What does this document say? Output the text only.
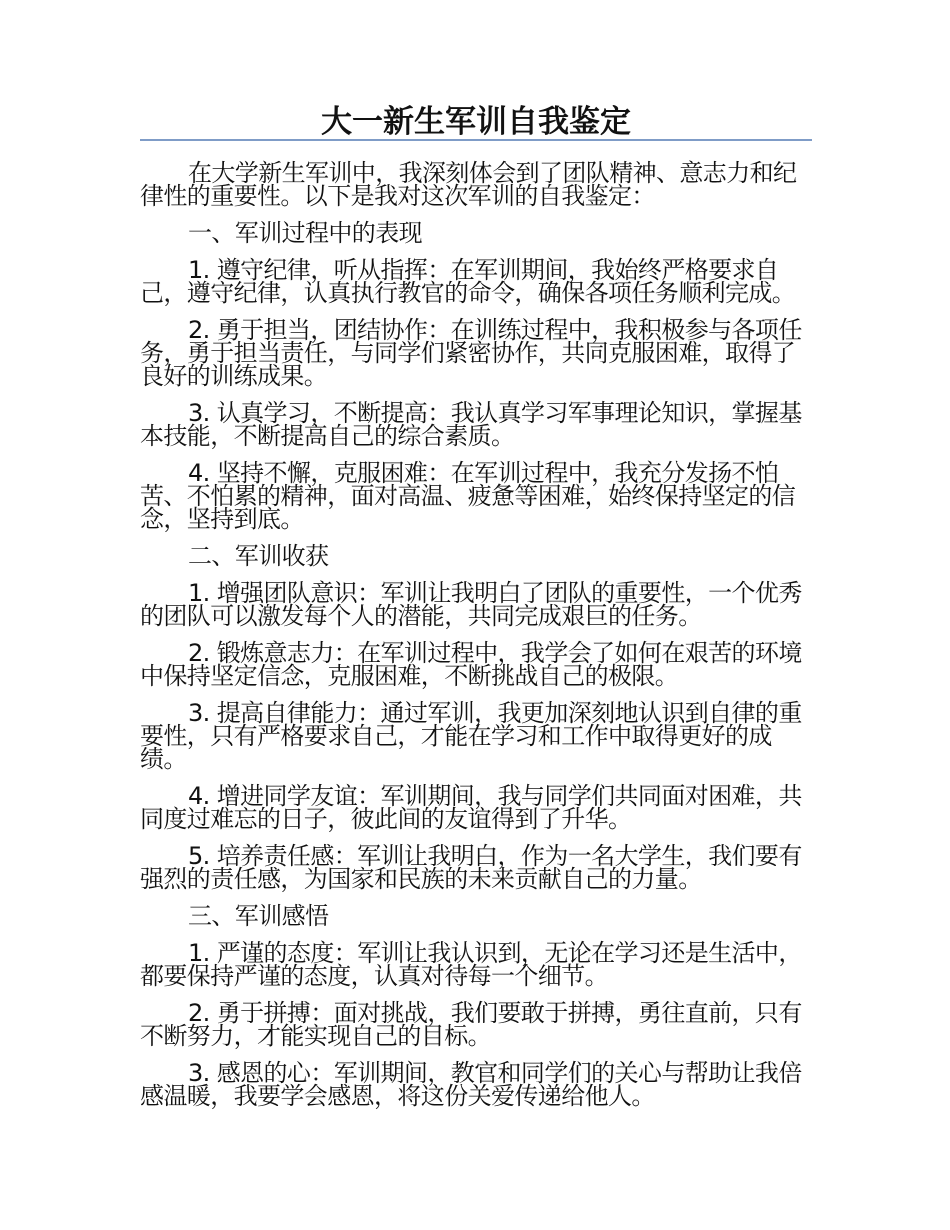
大一新生军训自我鉴定

在大学新生军训中，我深刻体会到了团队精神、意志力和纪律性的重要性。以下是我对这次军训的自我鉴定：

一、军训过程中的表现

1. 遵守纪律，听从指挥：在军训期间，我始终严格要求自己，遵守纪律，认真执行教官的命令，确保各项任务顺利完成。

2. 勇于担当，团结协作：在训练过程中，我积极参与各项任务，勇于担当责任，与同学们紧密协作，共同克服困难，取得了良好的训练成果。

3. 认真学习，不断提高：我认真学习军事理论知识，掌握基本技能，不断提高自己的综合素质。

4. 坚持不懈，克服困难：在军训过程中，我充分发扬不怕苦、不怕累的精神，面对高温、疲惫等困难，始终保持坚定的信念，坚持到底。

二、军训收获

1. 增强团队意识：军训让我明白了团队的重要性，一个优秀的团队可以激发每个人的潜能，共同完成艰巨的任务。

2. 锻炼意志力：在军训过程中，我学会了如何在艰苦的环境中保持坚定信念，克服困难，不断挑战自己的极限。

3. 提高自律能力：通过军训，我更加深刻地认识到自律的重要性，只有严格要求自己，才能在学习和工作中取得更好的成绩。

4. 增进同学友谊：军训期间，我与同学们共同面对困难，共同度过难忘的日子，彼此间的友谊得到了升华。

5. 培养责任感：军训让我明白，作为一名大学生，我们要有强烈的责任感，为国家和民族的未来贡献自己的力量。

三、军训感悟

1. 严谨的态度：军训让我认识到，无论在学习还是生活中，都要保持严谨的态度，认真对待每一个细节。

2. 勇于拼搏：面对挑战，我们要敢于拼搏，勇往直前，只有不断努力，才能实现自己的目标。

3. 感恩的心：军训期间，教官和同学们的关心与帮助让我倍感温暖，我要学会感恩，将这份关爱传递给他人。
